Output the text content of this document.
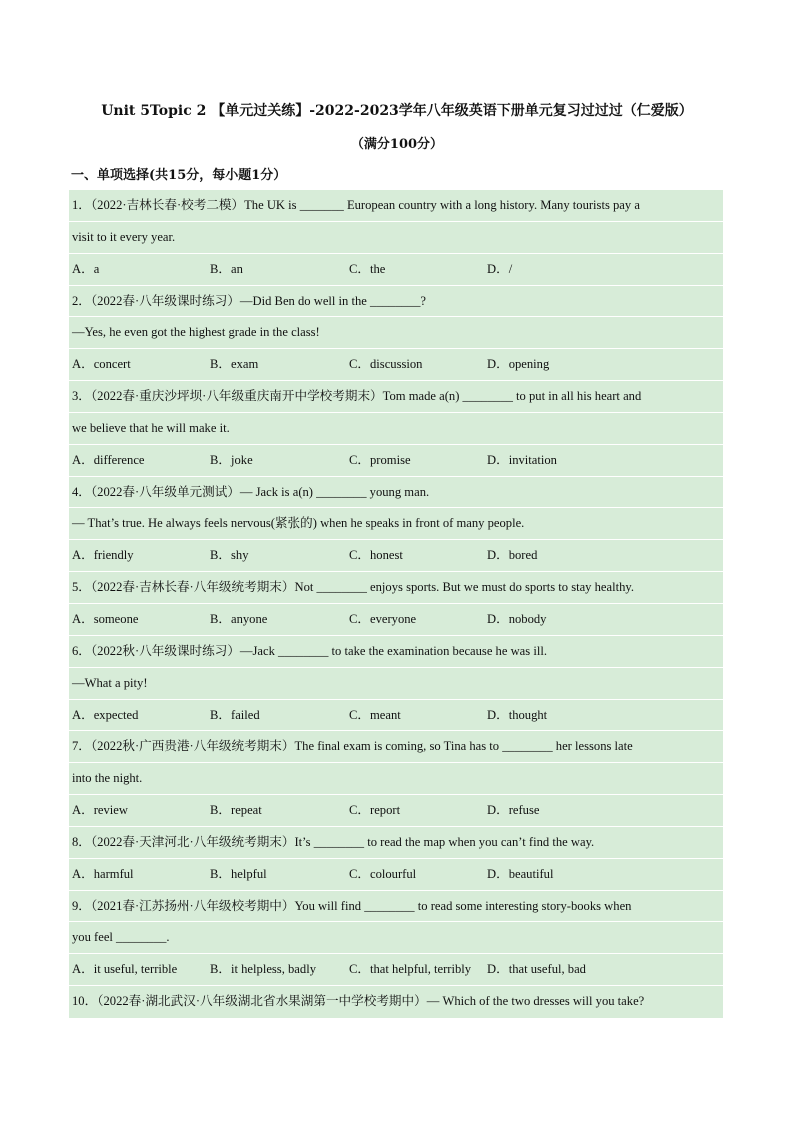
Unit 5Topic 2 【单元过关练】-2022-2023学年八年级英语下册单元复习过过过（仁爱版）
（满分100分）
一、单项选择(共15分，每小题1分）
1．（2022·吉林长春·校考二模）The UK is _______ European country with a long history. Many tourists pay a
visit to it every year.
A．a	B．an	C．the	D．/
2．（2022春·八年级课时练习）—Did Ben do well in the ________?
—Yes, he even got the highest grade in the class!
A．concert	B．exam	C．discussion	D．opening
3．（2022春·重庆沙坪坝·八年级重庆南开中学校考期末）Tom made a(n) ________ to put in all his heart and
we believe that he will make it.
A．difference	B．joke	C．promise	D．invitation
4．（2022春·八年级单元测试）— Jack is a(n) ________ young man.
— That’s true. He always feels nervous(紧张的) when he speaks in front of many people.
A．friendly	B．shy	C．honest	D．bored
5．（2022春·吉林长春·八年级统考期末）Not ________ enjoys sports. But we must do sports to stay healthy.
A．someone	B．anyone	C．everyone	D．nobody
6．（2022秋·八年级课时练习）—Jack ________ to take the examination because he was ill.
—What a pity!
A．expected	B．failed	C．meant	D．thought
7．（2022秋·广西贵港·八年级统考期末）The final exam is coming, so Tina has to ________ her lessons late
into the night.
A．review	B．repeat	C．report	D．refuse
8．（2022春·天津河北·八年级统考期末）It’s ________ to read the map when you can’t find the way.
A．harmful	B．helpful	C．colourful	D．beautiful
9．（2021春·江苏扬州·八年级校考期中）You will find ________ to read some interesting story-books when
you feel ________.
A．it useful, terrible	B．it helpless, badly	C．that helpful, terribly	D．that useful, bad
10．（2022春·湖北武汉·八年级湖北省水果湖第一中学校考期中）— Which of the two dresses will you take?
